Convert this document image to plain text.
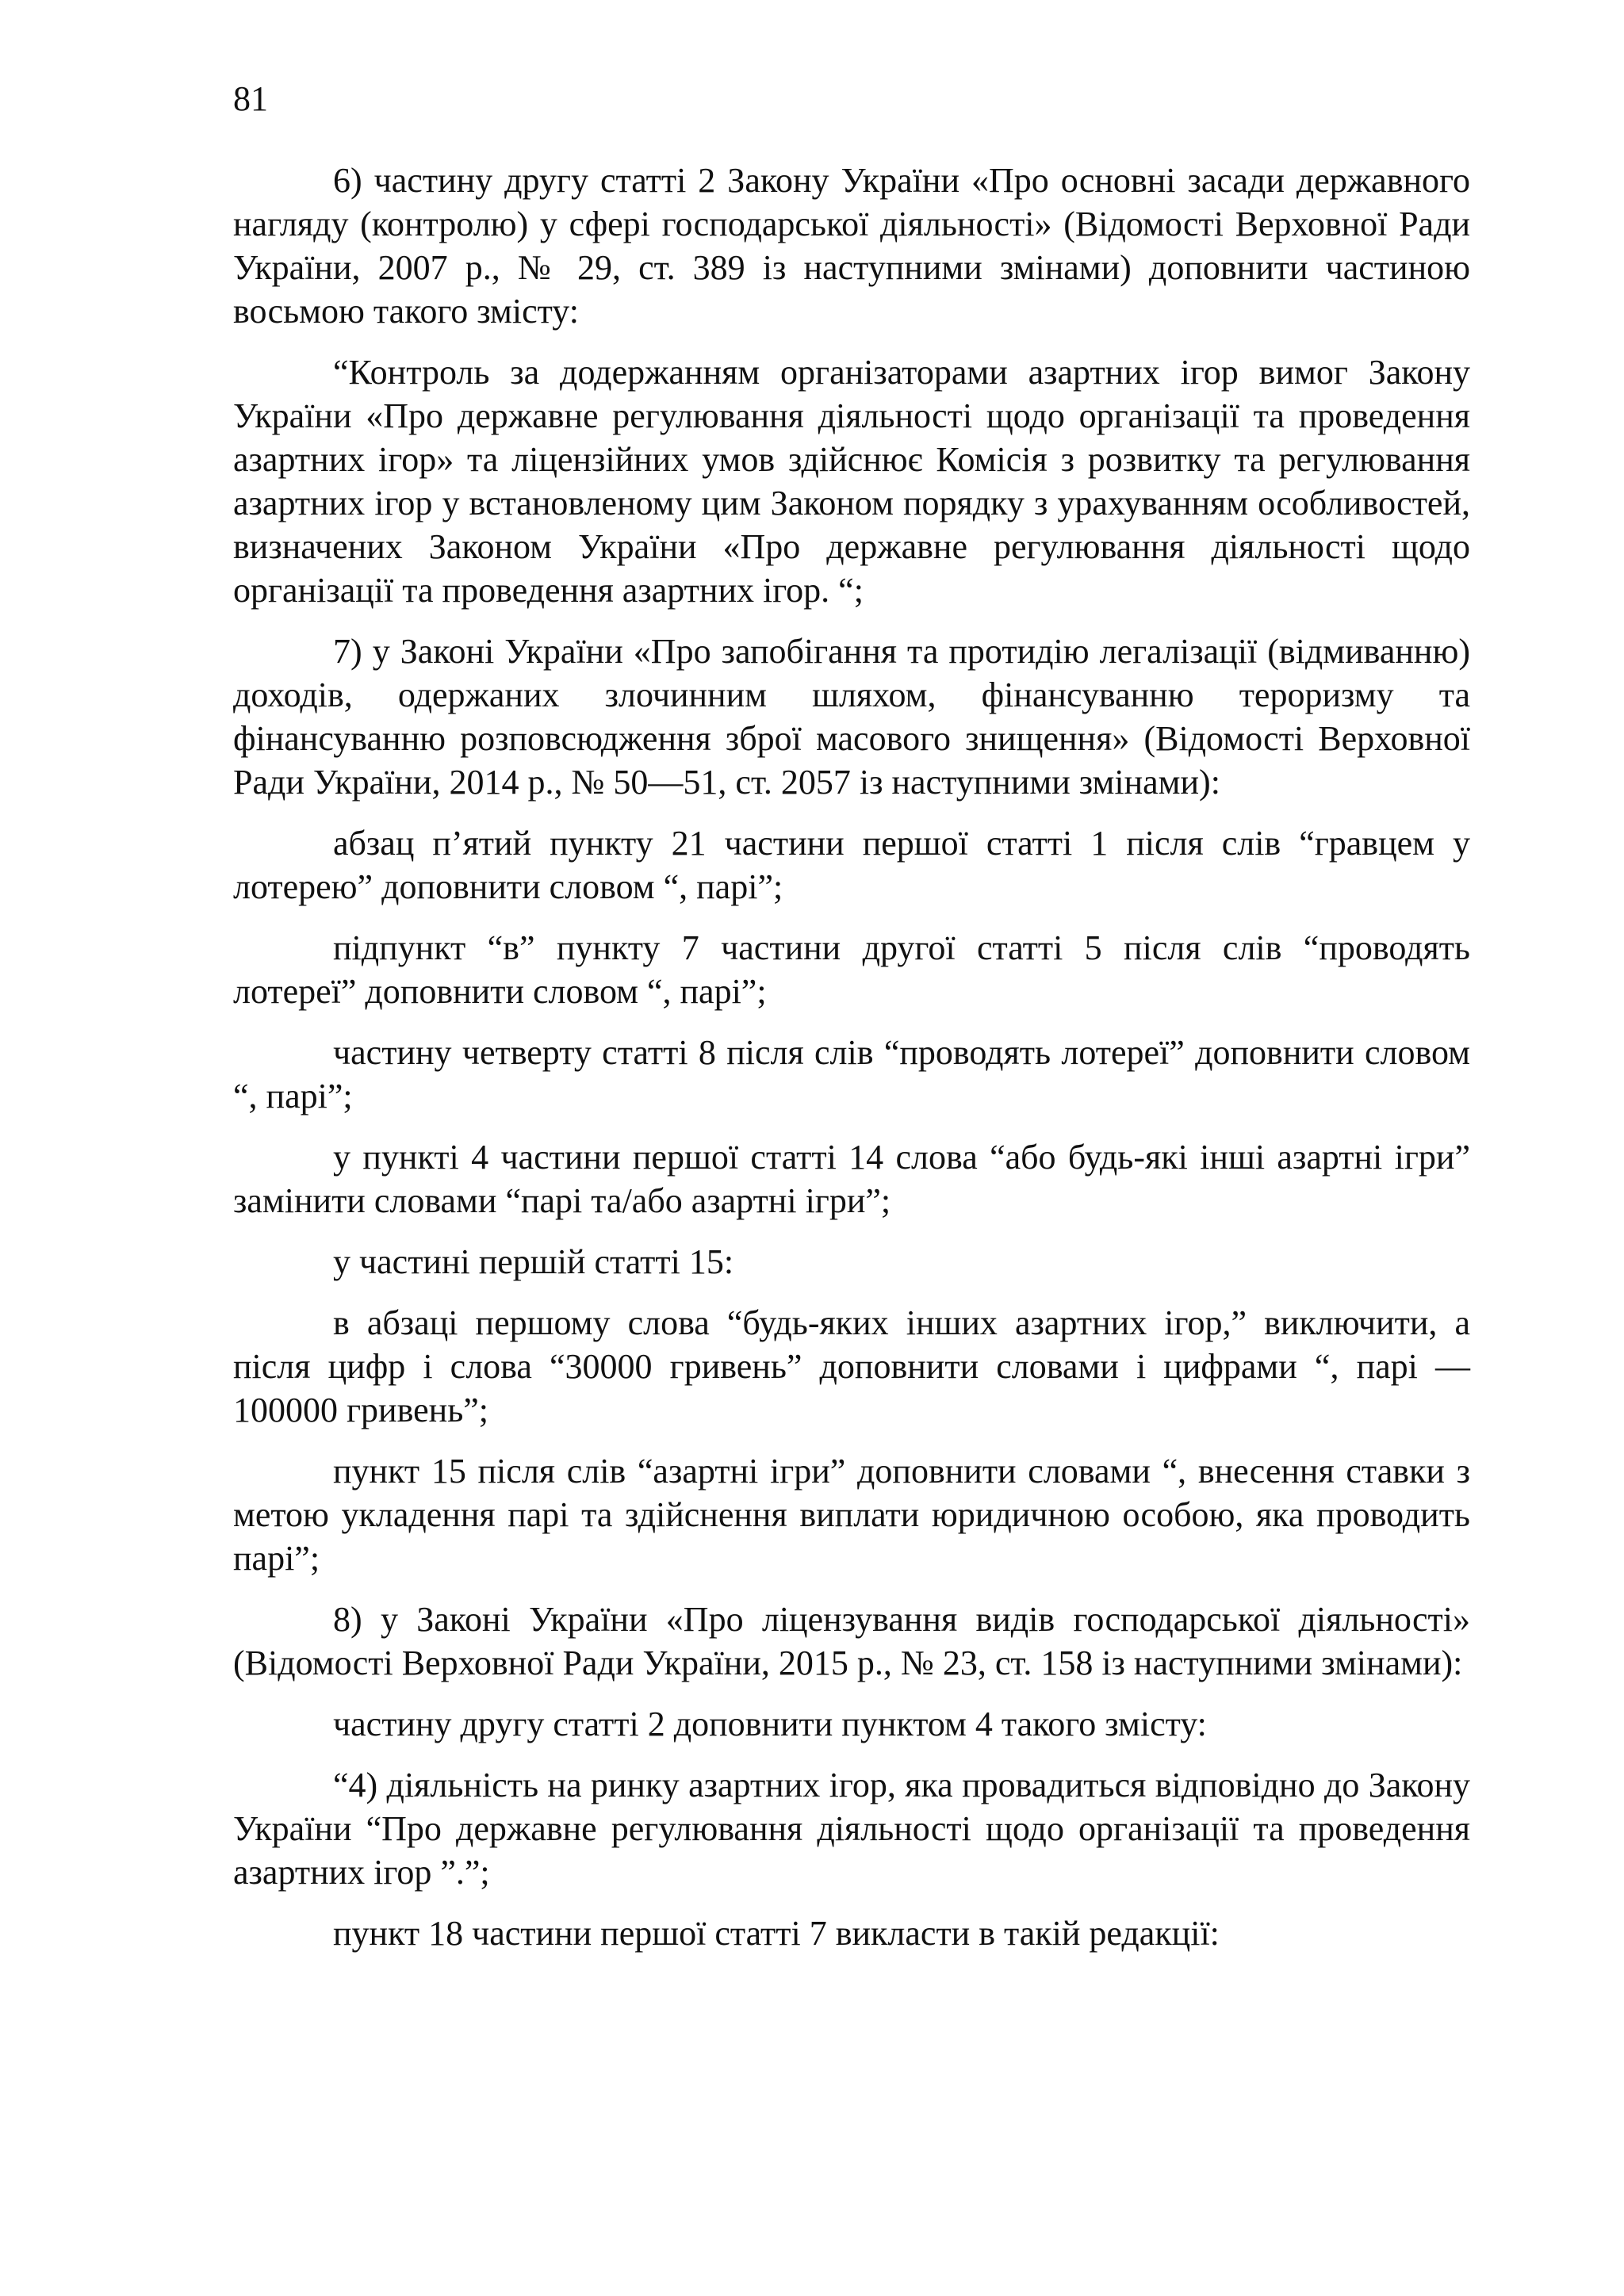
81

6) частину другу статті 2 Закону України «Про основні засади державного нагляду (контролю) у сфері господарської діяльності» (Відомості Верховної Ради України, 2007 р., № 29, ст. 389 із наступними змінами) доповнити частиною восьмою такого змісту:

“Контроль за додержанням організаторами азартних ігор вимог Закону України «Про державне регулювання діяльності щодо організації та проведення азартних ігор» та ліцензійних умов здійснює Комісія з розвитку та регулювання азартних ігор у встановленому цим Законом порядку з урахуванням особливостей, визначених Законом України «Про державне регулювання діяльності щодо організації та проведення азартних ігор. “;

7) у Законі України «Про запобігання та протидію легалізації (відмиванню) доходів, одержаних злочинним шляхом, фінансуванню тероризму та фінансуванню розповсюдження зброї масового знищення» (Відомості Верховної Ради України, 2014 р., № 50—51, ст. 2057 із наступними змінами):

абзац п’ятий пункту 21 частини першої статті 1 після слів “гравцем у лотерею” доповнити словом “, парі”;

підпункт “в” пункту 7 частини другої статті 5 після слів “проводять лотереї” доповнити словом “, парі”;

частину четверту статті 8 після слів “проводять лотереї” доповнити словом “, парі”;

у пункті 4 частини першої статті 14 слова “або будь-які інші азартні ігри” замінити словами “парі та/або азартні ігри”;

у частині першій статті 15:

в абзаці першому слова “будь-яких інших азартних ігор,” виключити, а після цифр і слова “30000 гривень” доповнити словами і цифрами “, парі — 100000 гривень”;

пункт 15 після слів “азартні ігри” доповнити словами “, внесення ставки з метою укладення парі та здійснення виплати юридичною особою, яка проводить парі”;

8) у Законі України «Про ліцензування видів господарської діяльності» (Відомості Верховної Ради України, 2015 р., № 23, ст. 158 із наступними змінами):

частину другу статті 2 доповнити пунктом 4 такого змісту:

“4) діяльність на ринку азартних ігор, яка провадиться відповідно до Закону України “Про державне регулювання діяльності щодо організації та проведення азартних ігор ”.”;

пункт 18 частини першої статті 7 викласти в такій редакції:
